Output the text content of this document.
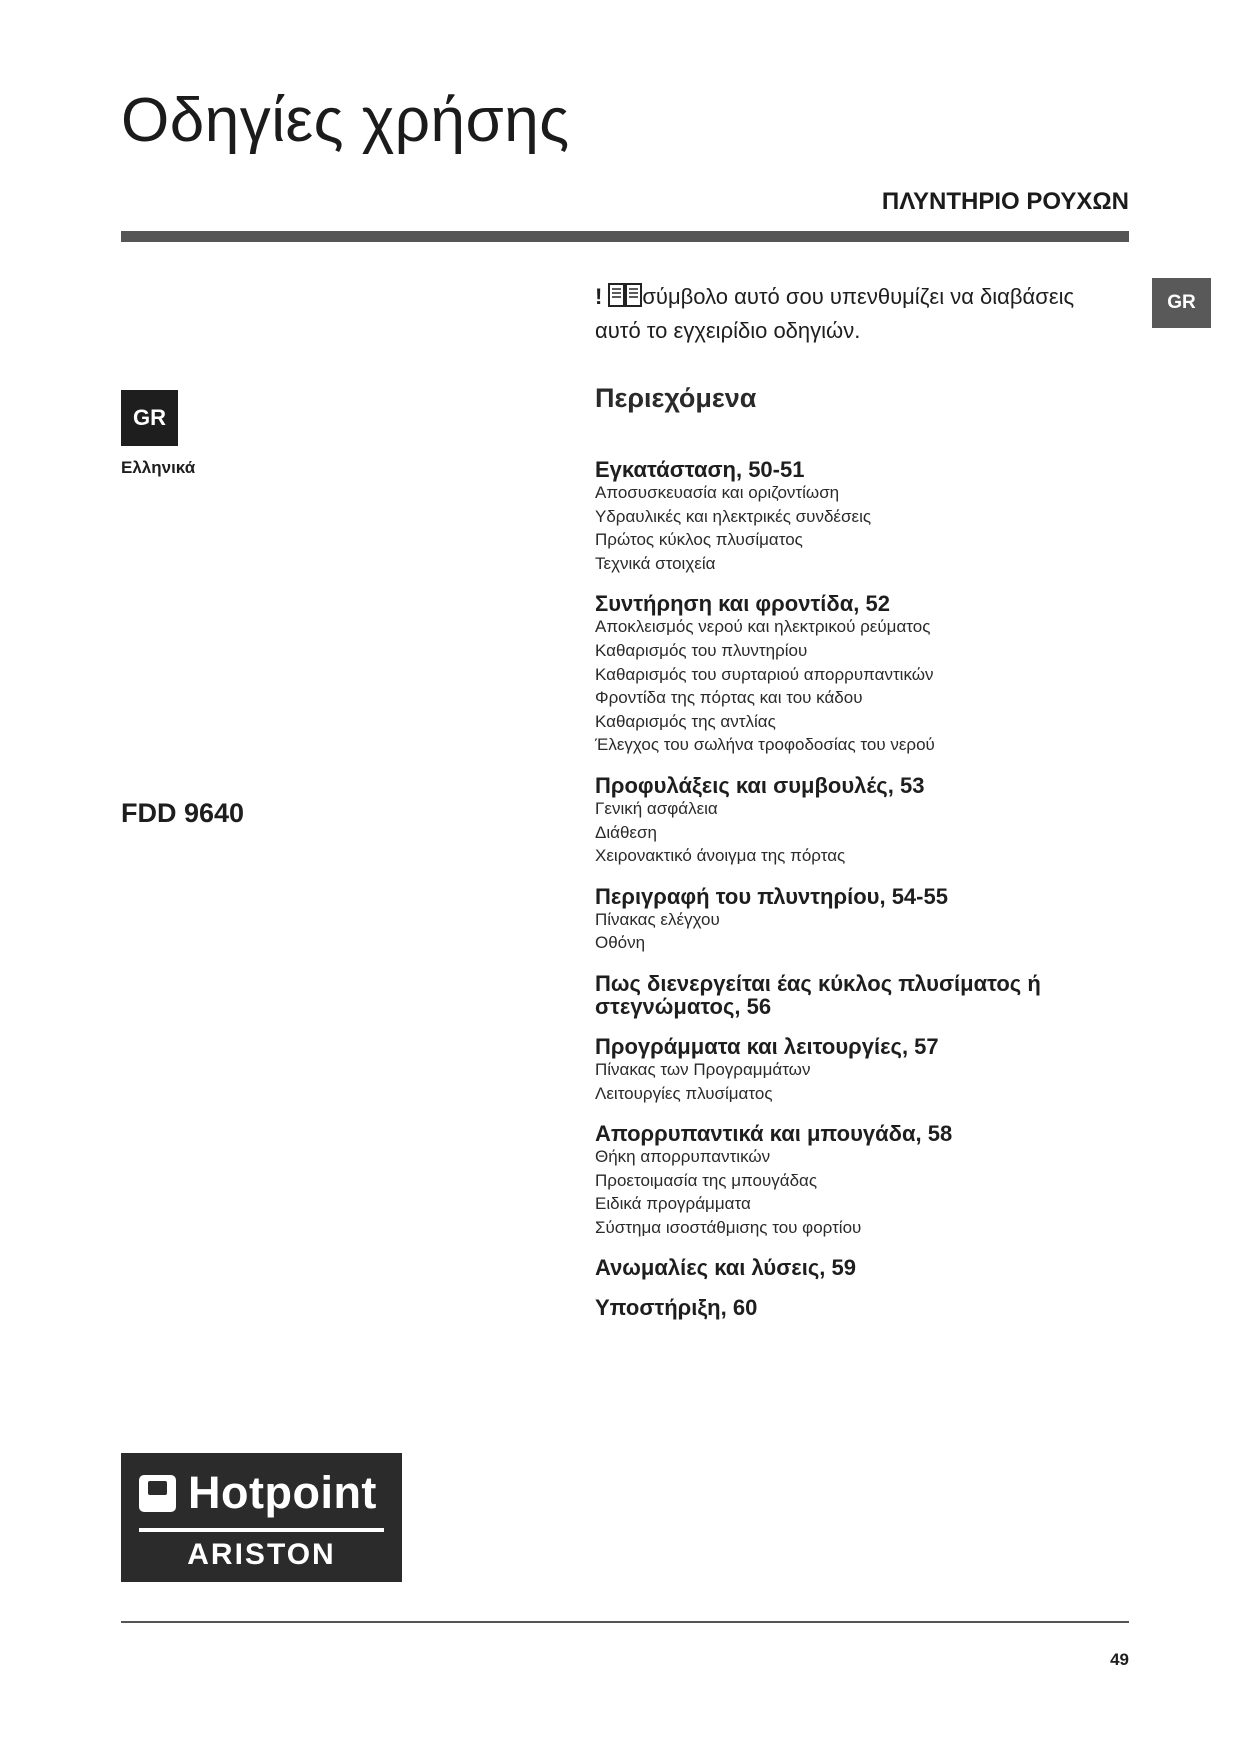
Οδηγίες χρήσης
ΠΛΥΝΤΗΡΙΟ ΡΟΥΧΩΝ
GR
GR
Ελληνικά
FDD 9640
! σύμβολο αυτό σου υπενθυμίζει να διαβάσεις αυτό το εγχειρίδιο οδηγιών.
Περιεχόμενα
Εγκατάσταση, 50-51
Αποσυσκευασία και οριζοντίωση
Υδραυλικές και ηλεκτρικές συνδέσεις
Πρώτος κύκλος πλυσίματος
Τεχνικά στοιχεία
Συντήρηση και φροντίδα, 52
Αποκλεισμός νερού και ηλεκτρικού ρεύματος
Καθαρισμός του πλυντηρίου
Καθαρισμός του συρταριού απορρυπαντικών
Φροντίδα της πόρτας και του κάδου
Καθαρισμός της αντλίας
Έλεγχος του σωλήνα τροφοδοσίας του νερού
Προφυλάξεις και συμβουλές, 53
Γενική ασφάλεια
Διάθεση
Χειρονακτικό άνοιγμα της πόρτας
Περιγραφή του πλυντηρίου, 54-55
Πίνακας ελέγχου
Οθόνη
Πως διενεργείται έας κύκλος πλυσίματος ή στεγνώματος, 56
Προγράμματα και λειτουργίες, 57
Πίνακας των Προγραμμάτων
Λειτουργίες πλυσίματος
Απορρυπαντικά και μπουγάδα, 58
Θήκη απορρυπαντικών
Προετοιμασία της μπουγάδας
Ειδικά προγράμματα
Σύστημα ισοστάθμισης του φορτίου
Ανωμαλίες και λύσεις, 59
Υποστήριξη, 60
Hotpoint
ARISTON
49
